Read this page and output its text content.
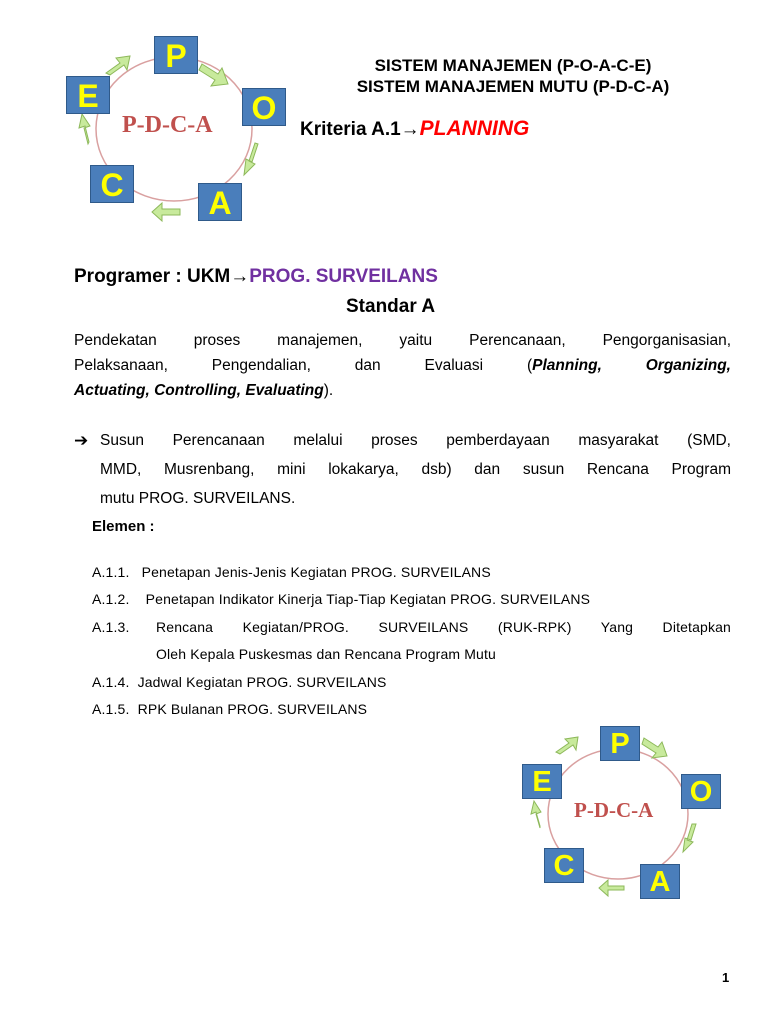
P
O
A
C
E
P-D-C-A
SISTEM MANAJEMEN (P-O-A-C-E)
SISTEM MANAJEMEN MUTU (P-D-C-A)
Kriteria A.1→PLANNING
Programer : UKM→PROG. SURVEILANS
Standar A
Pendekatan proses manajemen, yaitu Perencanaan, Pengorganisasian,
Pelaksanaan, Pengendalian, dan Evaluasi (Planning, Organizing,
Actuating, Controlling, Evaluating).
➔ Susun Perencanaan melalui proses pemberdayaan masyarakat (SMD,
MMD, Musrenbang, mini lokakarya, dsb) dan susun Rencana Program
mutu PROG. SURVEILANS.
Elemen :
A.1.1. Penetapan Jenis-Jenis Kegiatan PROG. SURVEILANS
A.1.2. Penetapan Indikator Kinerja Tiap-Tiap Kegiatan PROG. SURVEILANS
A.1.3.	Rencana Kegiatan/PROG. SURVEILANS (RUK-RPK) Yang Ditetapkan
Oleh Kepala Puskesmas dan Rencana Program Mutu
A.1.4. Jadwal Kegiatan PROG. SURVEILANS
A.1.5. RPK Bulanan PROG. SURVEILANS
P
O
A
C
E
P-D-C-A
1
